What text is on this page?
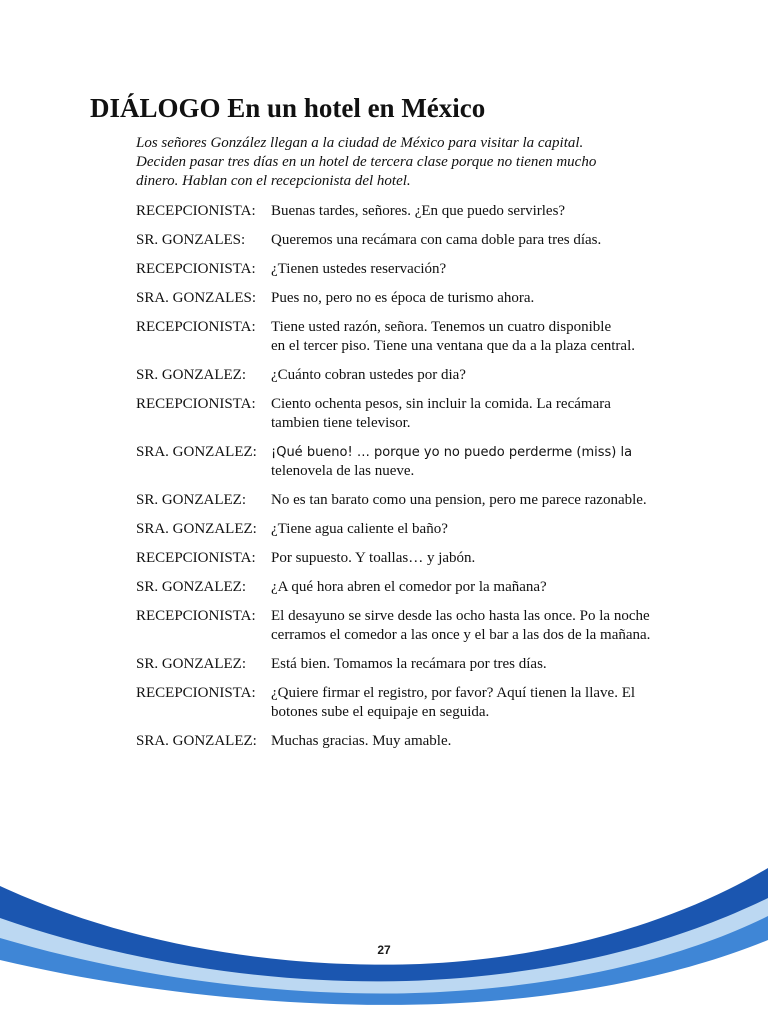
DIÁLOGO En un hotel en México
Los señores González llegan a la ciudad de México para visitar la capital.
Deciden pasar tres días en un hotel de tercera clase porque no tienen mucho
dinero. Hablan con el recepcionista del hotel.
RECEPCIONISTA:	Buenas tardes, señores. ¿En que puedo servirles?
SR. GONZALES:	Queremos una recámara con cama doble para tres días.
RECEPCIONISTA:	¿Tienen ustedes reservación?
SRA. GONZALES: Pues no, pero no es época de turismo ahora.
RECEPCIONISTA:	Tiene usted razón, señora. Tenemos un cuatro disponible
en el tercer piso. Tiene una ventana que da a la plaza central.
SR. GONZALEZ:	¿Cuánto cobran ustedes por dia?
RECEPCIONISTA:	Ciento ochenta pesos, sin incluir la comida. La recámara
tambien tiene televisor.
SRA. GONZALEZ:	¡Qué bueno! … porque yo no puedo perderme (miss) la
telenovela de las nueve.
SR. GONZALEZ:	No es tan barato como una pension, pero me parece razonable.
SRA. GONZALEZ: ¿Tiene agua caliente el baño?
RECEPCIONISTA:	Por supuesto. Y toallas… y jabón.
SR. GONZALEZ:	¿A qué hora abren el comedor por la mañana?
RECEPCIONISTA:	El desayuno se sirve desde las ocho hasta las once. Po la noche
cerramos el comedor a las once y el bar a las dos de la mañana.
SR. GONZALEZ:	Está bien. Tomamos la recámara por tres días.
RECEPCIONISTA:	¿Quiere firmar el registro, por favor? Aquí tienen la llave. El
botones sube el equipaje en seguida.
SRA. GONZALEZ: Muchas gracias. Muy amable.
27
